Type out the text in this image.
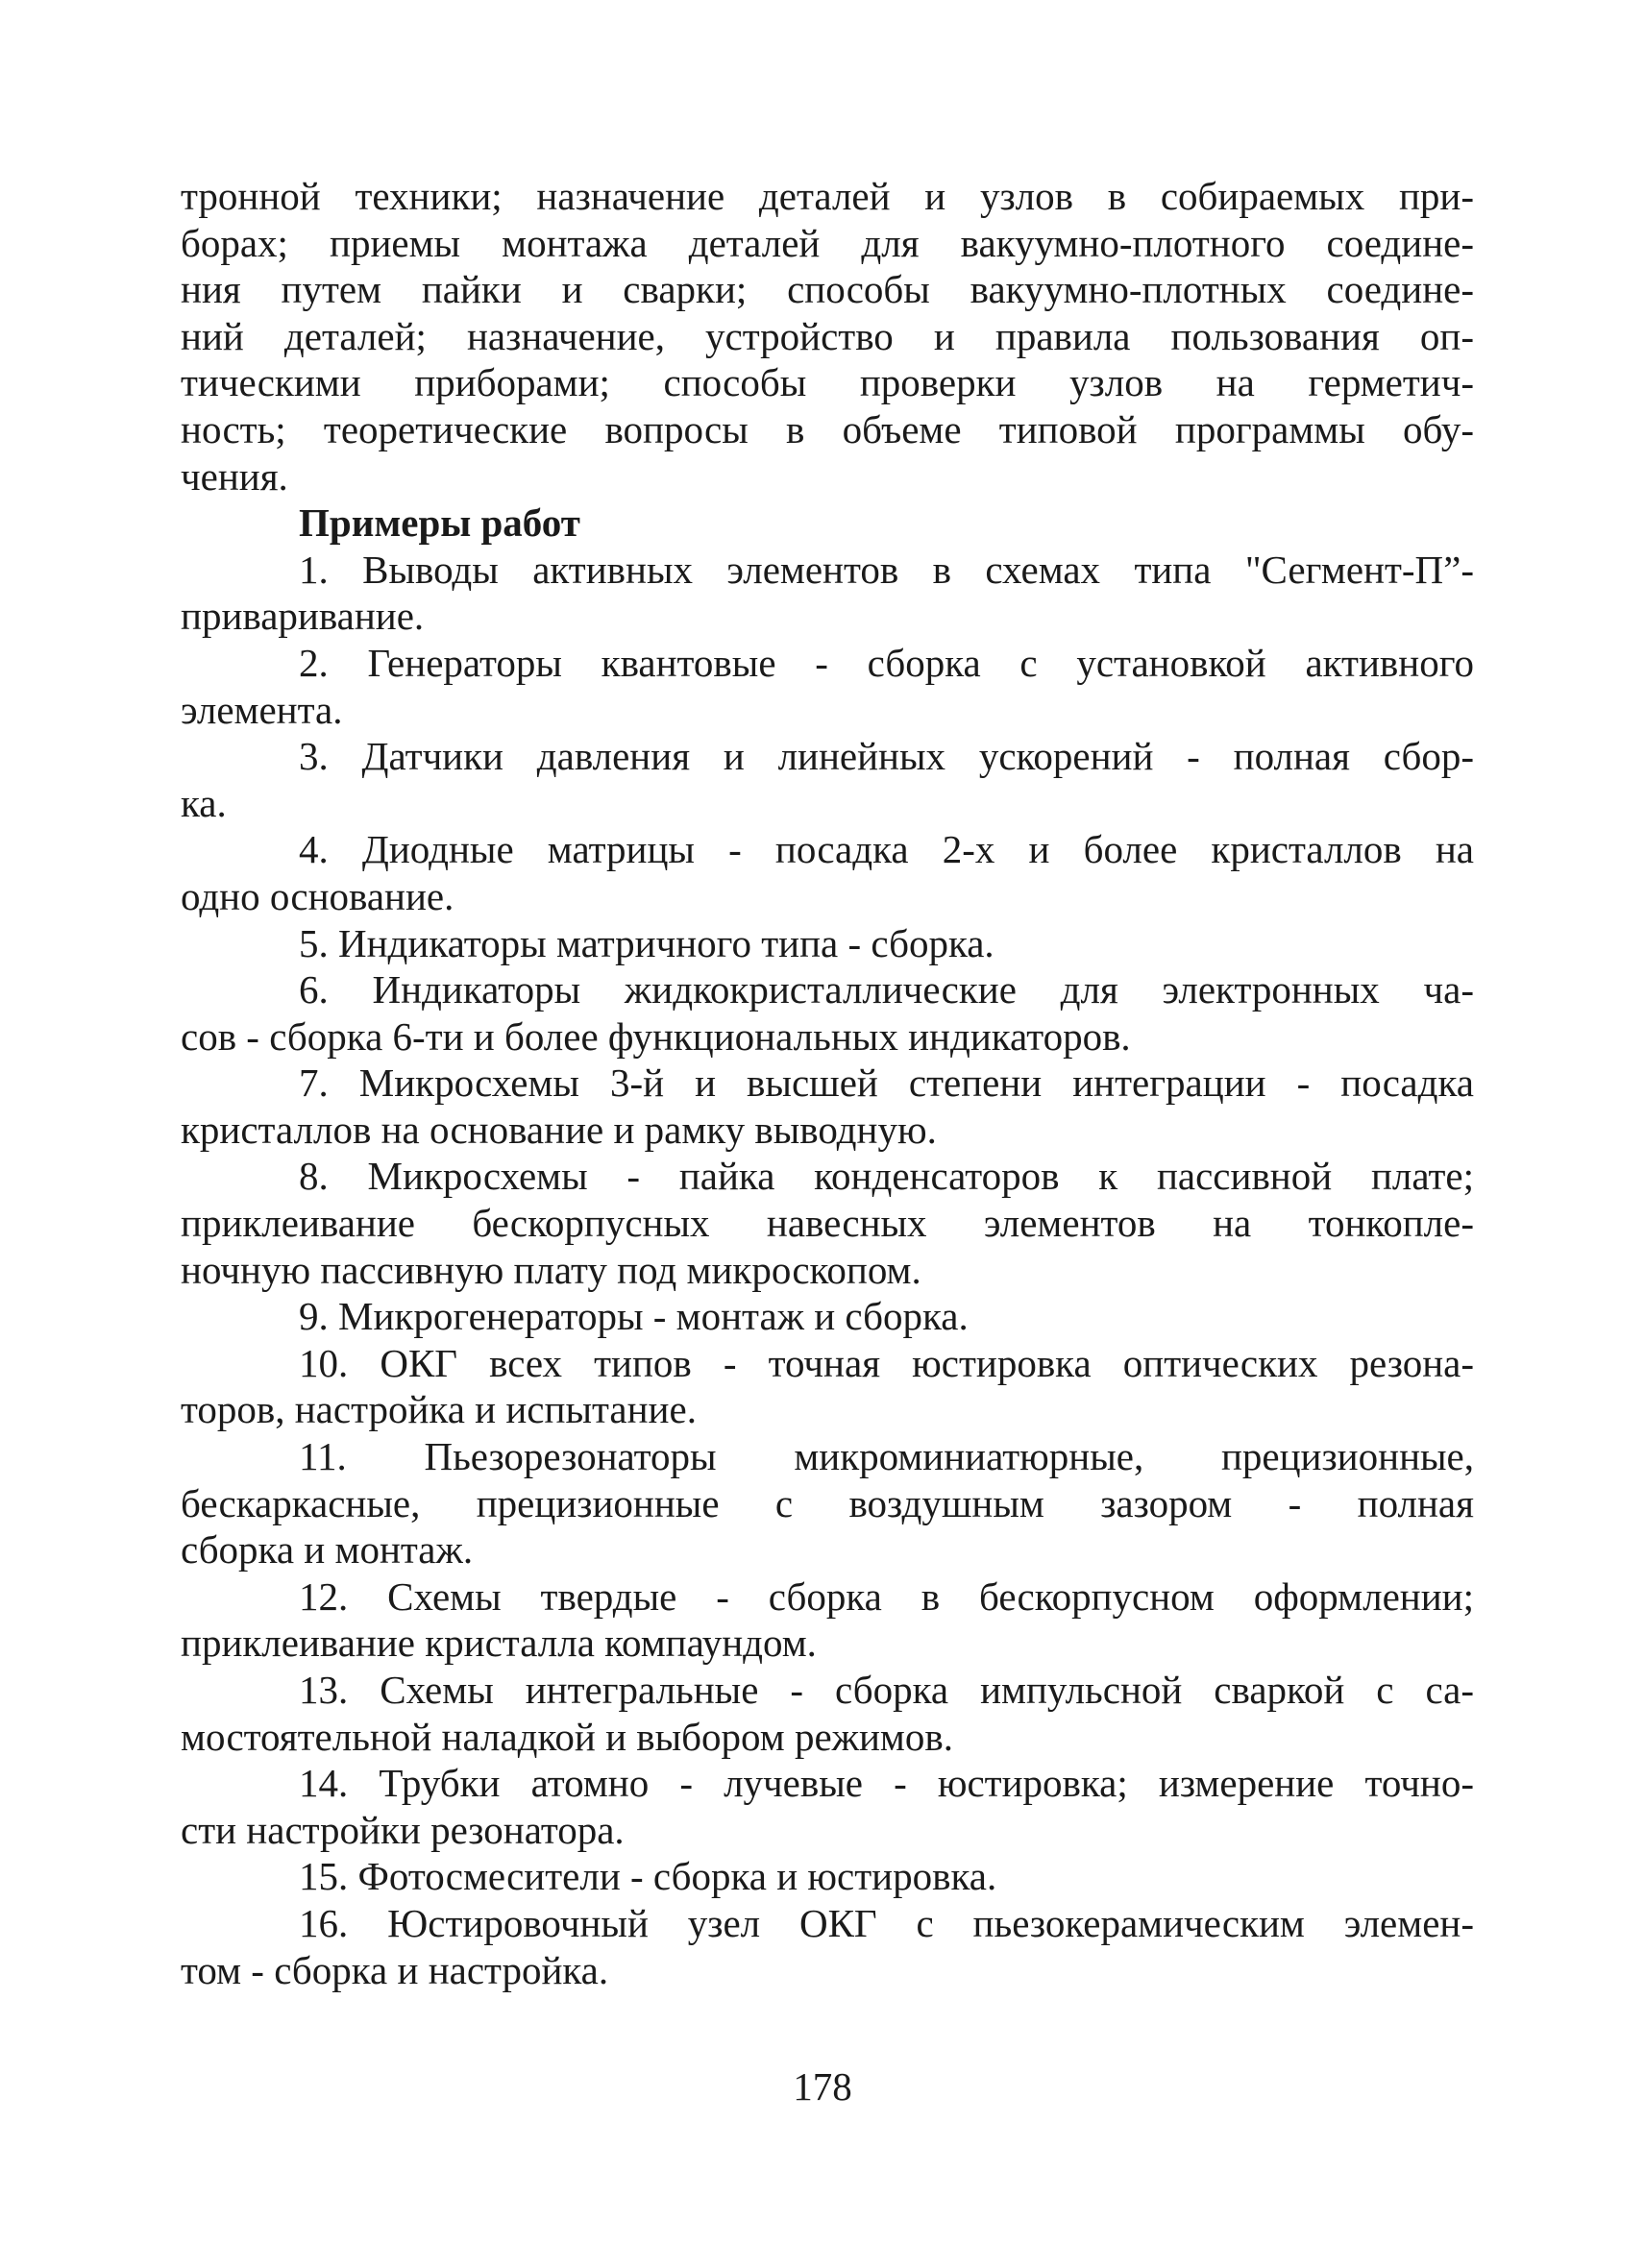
тронной техники; назначение деталей и узлов в собираемых при-
борах; приемы монтажа деталей для вакуумно-плотного соедине-
ния путем пайки и сварки; способы вакуумно-плотных соедине-
ний деталей; назначение, устройство и правила пользования оп-
тическими приборами; способы проверки узлов на герметич-
ность; теоретические вопросы в объеме типовой программы обу-
чения.
Примеры работ
1. Выводы активных элементов в схемах типа "Сегмент-П”-
приваривание.
2. Генераторы квантовые - сборка с установкой активного
элемента.
3. Датчики давления и линейных ускорений - полная сбор-
ка.
4. Диодные матрицы - посадка 2-х и более кристаллов на
одно основание.
5. Индикаторы матричного типа - сборка.
6. Индикаторы жидкокристаллические для электронных ча-
сов - сборка 6-ти и более функциональных индикаторов.
7. Микросхемы 3-й и высшей степени интеграции - посадка
кристаллов на основание и рамку выводную.
8. Микросхемы - пайка конденсаторов к пассивной плате;
приклеивание бескорпусных навесных элементов на тонкопле-
ночную пассивную плату под микроскопом.
9. Микрогенераторы - монтаж и сборка.
10. ОКГ всех типов - точная юстировка оптических резона-
торов, настройка и испытание.
11. Пьезорезонаторы микроминиатюрные, прецизионные,
бескаркасные, прецизионные с воздушным зазором - полная
сборка и монтаж.
12. Схемы твердые - сборка в бескорпусном оформлении;
приклеивание кристалла компаундом.
13. Схемы интегральные - сборка импульсной сваркой с са-
мостоятельной наладкой и выбором режимов.
14. Трубки атомно - лучевые - юстировка; измерение точно-
сти настройки резонатора.
15. Фотосмесители - сборка и юстировка.
16. Юстировочный узел ОКГ с пьезокерамическим элемен-
том - сборка и настройка.
178
